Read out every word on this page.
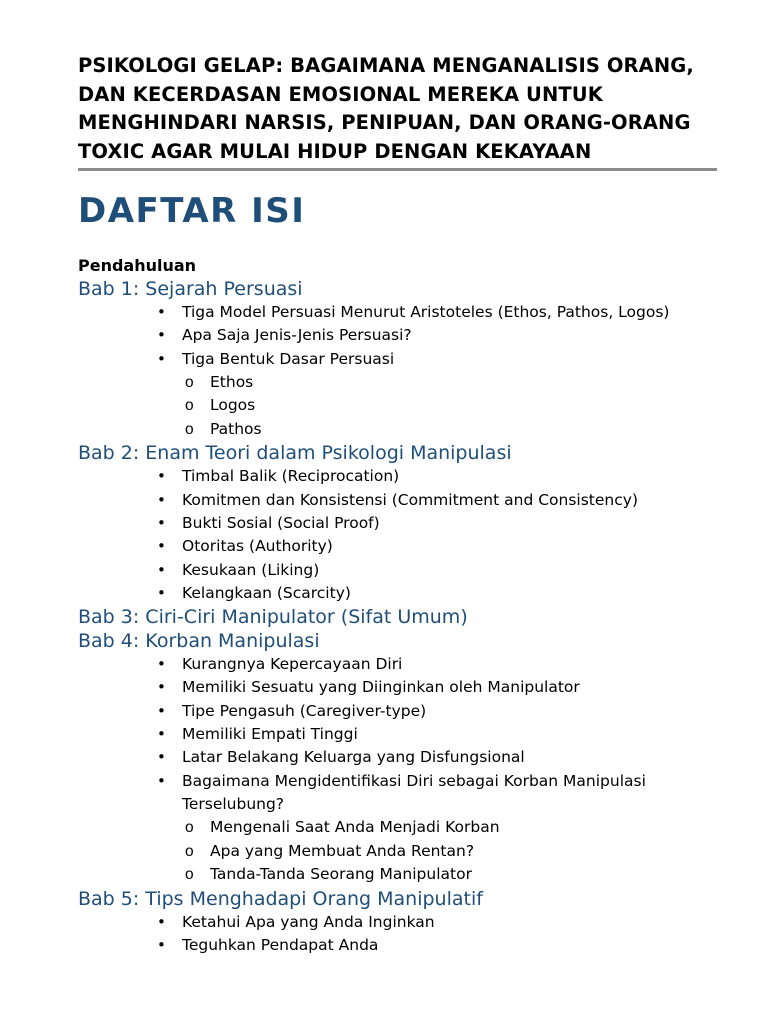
PSIKOLOGI GELAP: BAGAIMANA MENGANALISIS ORANG,
DAN KECERDASAN EMOSIONAL MEREKA UNTUK
MENGHINDARI NARSIS, PENIPUAN, DAN ORANG-ORANG
TOXIC AGAR MULAI HIDUP DENGAN KEKAYAAN
DAFTAR ISI
Pendahuluan
Bab 1: Sejarah Persuasi
• Tiga Model Persuasi Menurut Aristoteles (Ethos, Pathos, Logos)
• Apa Saja Jenis-Jenis Persuasi?
• Tiga Bentuk Dasar Persuasi
o Ethos
o Logos
o Pathos
Bab 2: Enam Teori dalam Psikologi Manipulasi
• Timbal Balik (Reciprocation)
• Komitmen dan Konsistensi (Commitment and Consistency)
• Bukti Sosial (Social Proof)
• Otoritas (Authority)
• Kesukaan (Liking)
• Kelangkaan (Scarcity)
Bab 3: Ciri-Ciri Manipulator (Sifat Umum)
Bab 4: Korban Manipulasi
• Kurangnya Kepercayaan Diri
• Memiliki Sesuatu yang Diinginkan oleh Manipulator
• Tipe Pengasuh (Caregiver-type)
• Memiliki Empati Tinggi
• Latar Belakang Keluarga yang Disfungsional
• Bagaimana Mengidentifikasi Diri sebagai Korban Manipulasi Terselubung?
o Mengenali Saat Anda Menjadi Korban
o Apa yang Membuat Anda Rentan?
o Tanda-Tanda Seorang Manipulator
Bab 5: Tips Menghadapi Orang Manipulatif
• Ketahui Apa yang Anda Inginkan
• Teguhkan Pendapat Anda
